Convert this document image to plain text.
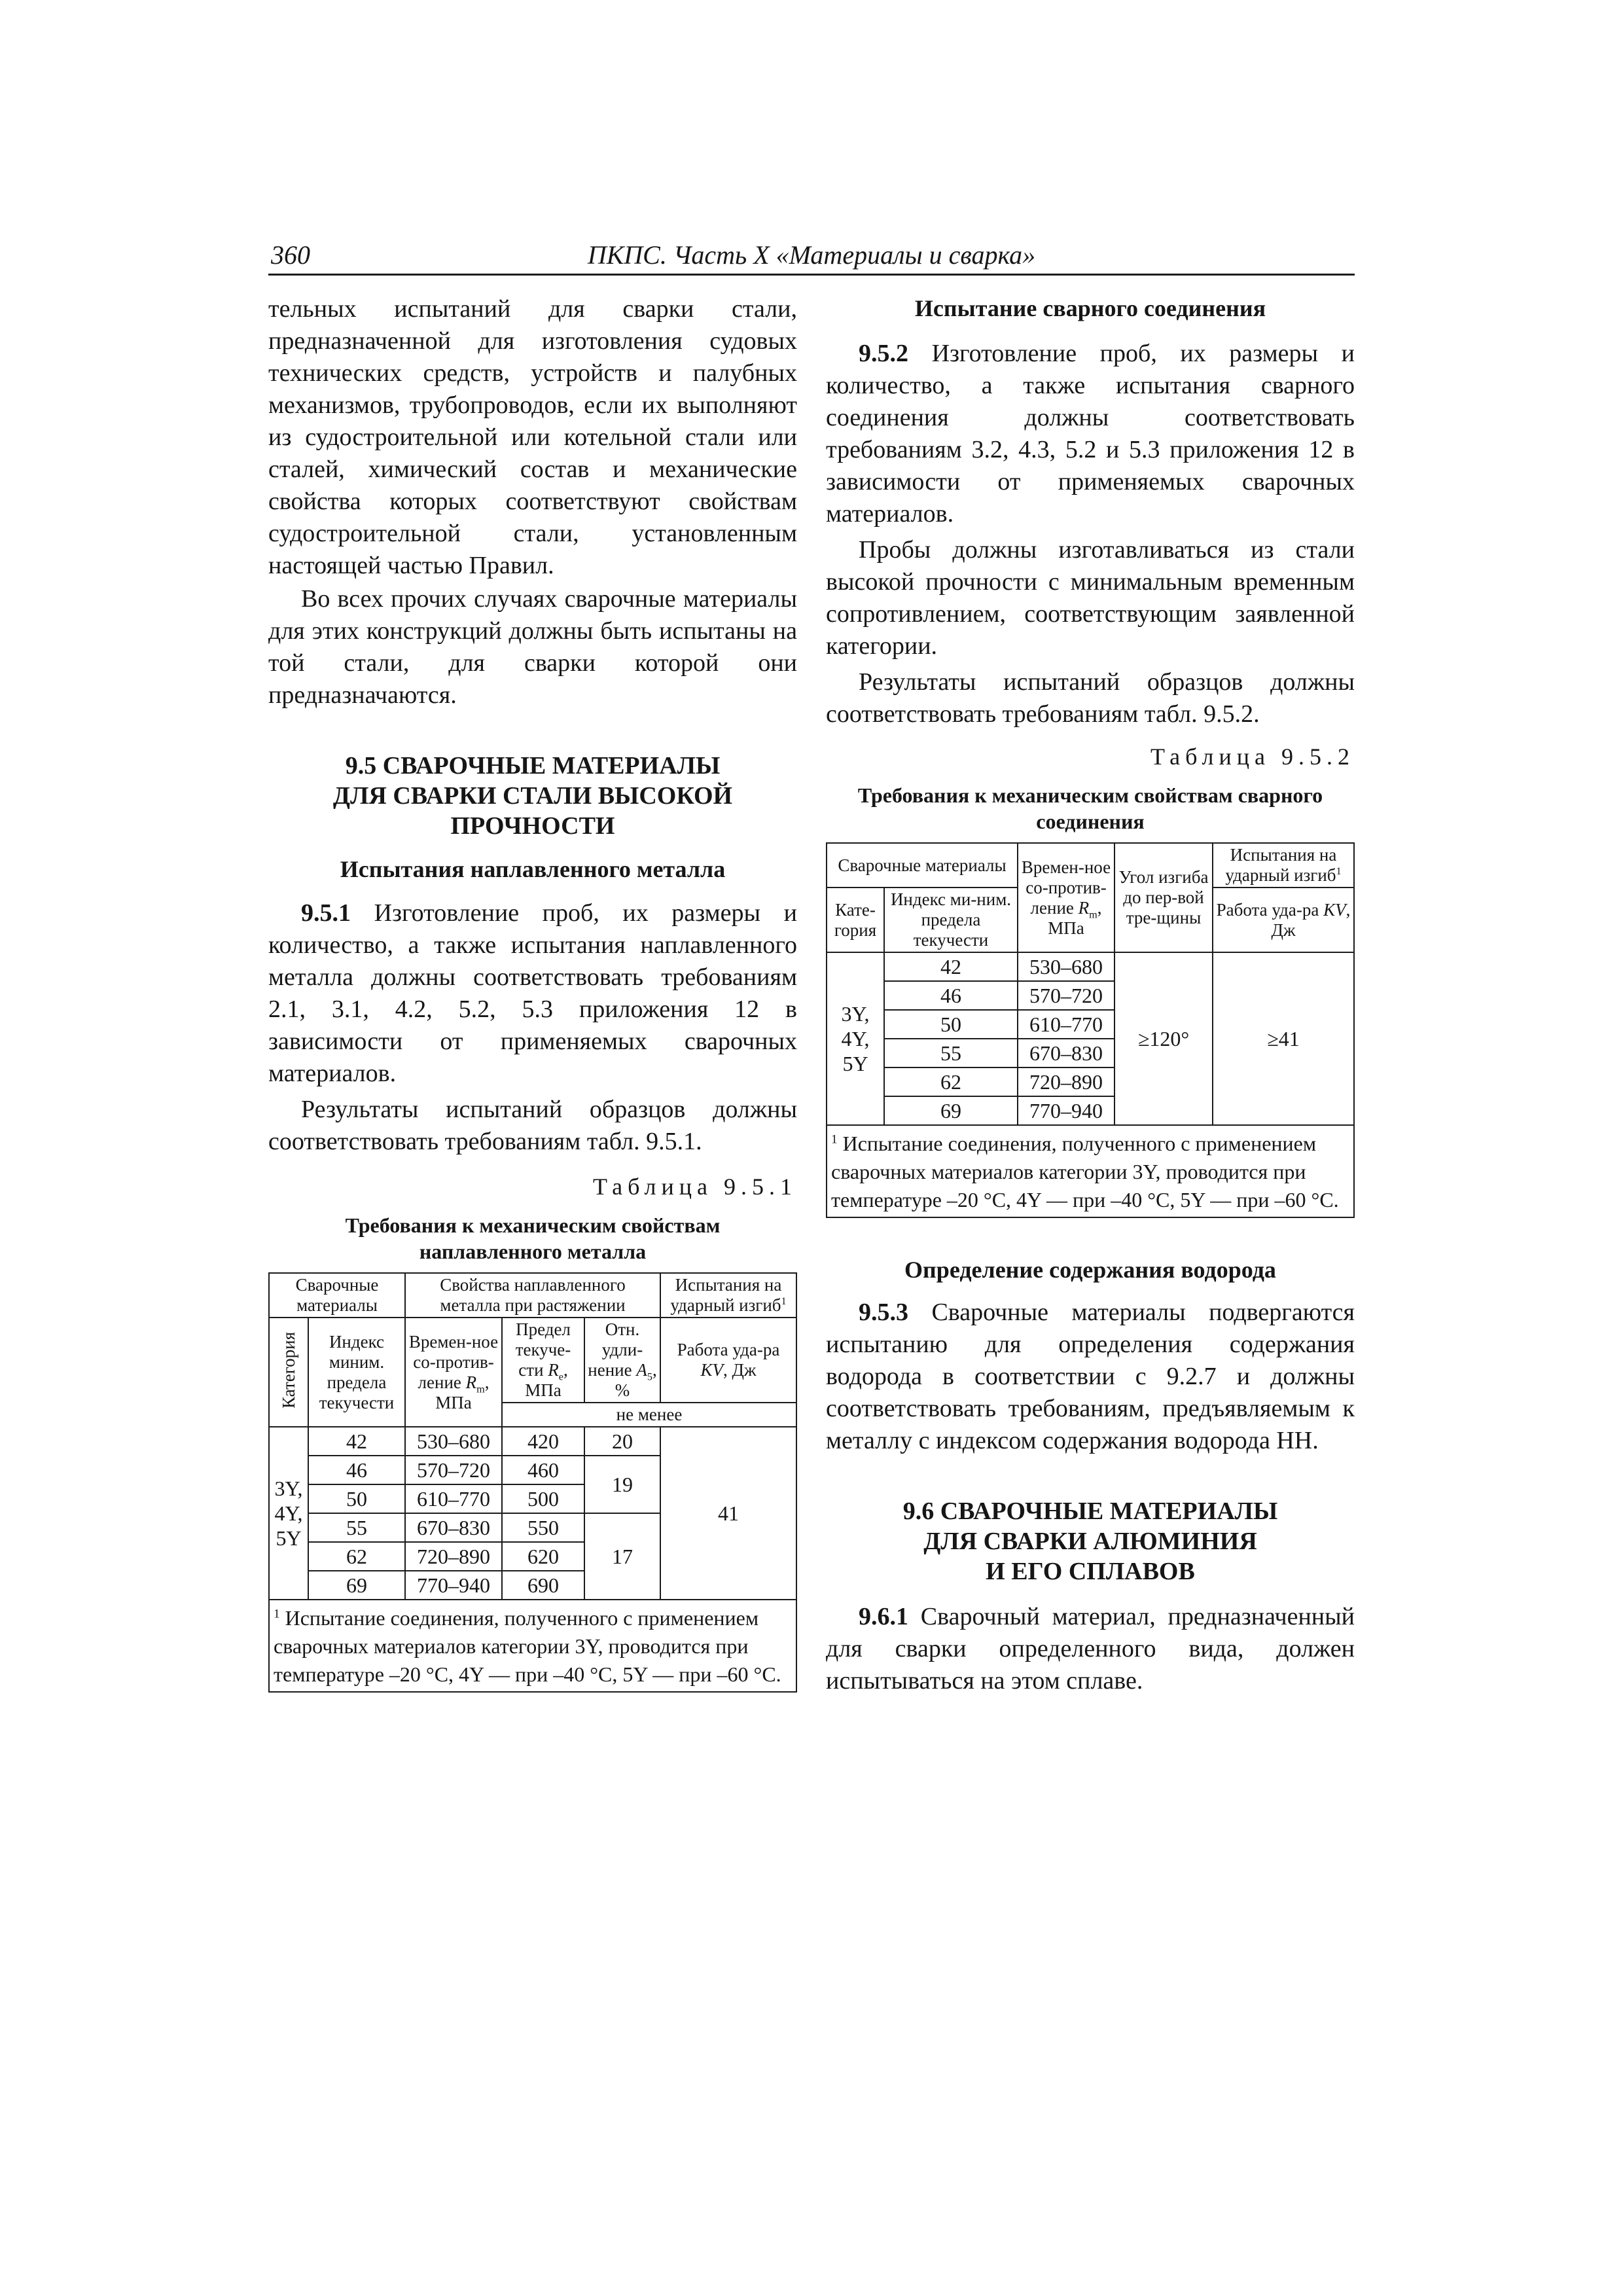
360	ПКПС. Часть X «Материалы и сварка»

тельных испытаний для сварки стали, предназначенной для изготовления судовых технических средств, устройств и палубных механизмов, трубопроводов, если их выполняют из судостроительной или котельной стали или сталей, химический состав и механические свойства которых соответствуют свойствам судостроительной стали, установленным настоящей частью Правил.

Во всех прочих случаях сварочные материалы для этих конструкций должны быть испытаны на той стали, для сварки которой они предназначаются.

9.5 СВАРОЧНЫЕ МАТЕРИАЛЫ
ДЛЯ СВАРКИ СТАЛИ ВЫСОКОЙ
ПРОЧНОСТИ
Испытания наплавленного металла

9.5.1 Изготовление проб, их размеры и количество, а также испытания наплавленного металла должны соответствовать требованиям 2.1, 3.1, 4.2, 5.2, 5.3 приложения 12 в зависимости от применяемых сварочных материалов.

Результаты испытаний образцов должны соответствовать требованиям табл. 9.5.1.

Таблица 9.5.1
Требования к механическим свойствам
наплавленного металла
Сварочные материалы		Свойства наплавленного металла при растяжении			Испытания на ударный изгиб$^1$
Категория	Индекс миним. предела текучести	Времен-ное со-против-ление $R_m$, МПа	Предел текуче-сти $R_e$, МПа	Отн. удли-нение $A_5$, %	
					Работа уда-ра KV, Дж
			не менее		
3Y, 4Y, 5Y	42	530–680	420	20	41
	46	570–720	460	19	
	50	610–770	500		
	55	670–830	550	17	
	62	720–890	620		
	69	770–940	690		
$^1$ Испытание соединения, полученного с применением сварочных материалов категории 3Y, проводится при температуре –20 °С, 4Y — при –40 °С, 5Y — при –60 °С.					
Испытание сварного соединения

9.5.2 Изготовление проб, их размеры и количество, а также испытания сварного соединения должны соответствовать требованиям 3.2, 4.3, 5.2 и 5.3 приложения 12 в зависимости от применяемых сварочных материалов.

Пробы должны изготавливаться из стали высокой прочности с минимальным временным сопротивлением, соответствующим заявленной категории.

Результаты испытаний образцов должны соответствовать требованиям табл. 9.5.2.

Таблица 9.5.2
Требования к механическим свойствам сварного
соединения
Сварочные материалы		Времен-ное со-против-ление $R_m$, МПа	Угол изгиба до пер-вой тре-щины	Испытания на ударный изгиб$^1$
Кате-гория	Индекс ми-ним. предела текучести			Работа уда-ра KV, Дж
3Y, 4Y, 5Y	42	530–680	≥120°	≥41
	46	570–720		
	50	610–770		
	55	670–830		
	62	720–890		
	69	770–940		
$^1$ Испытание соединения, полученного с применением сварочных материалов категории 3Y, проводится при температуре –20 °С, 4Y — при –40 °С, 5Y — при –60 °С.				
Определение содержания водорода

9.5.3 Сварочные материалы подвергаются испытанию для определения содержания водорода в соответствии с 9.2.7 и должны соответствовать требованиям, предъявляемым к металлу с индексом содержания водорода НН.

9.6 СВАРОЧНЫЕ МАТЕРИАЛЫ
ДЛЯ СВАРКИ АЛЮМИНИЯ
И ЕГО СПЛАВОВ

9.6.1 Сварочный материал, предназначенный для сварки определенного вида, должен испытываться на этом сплаве.
